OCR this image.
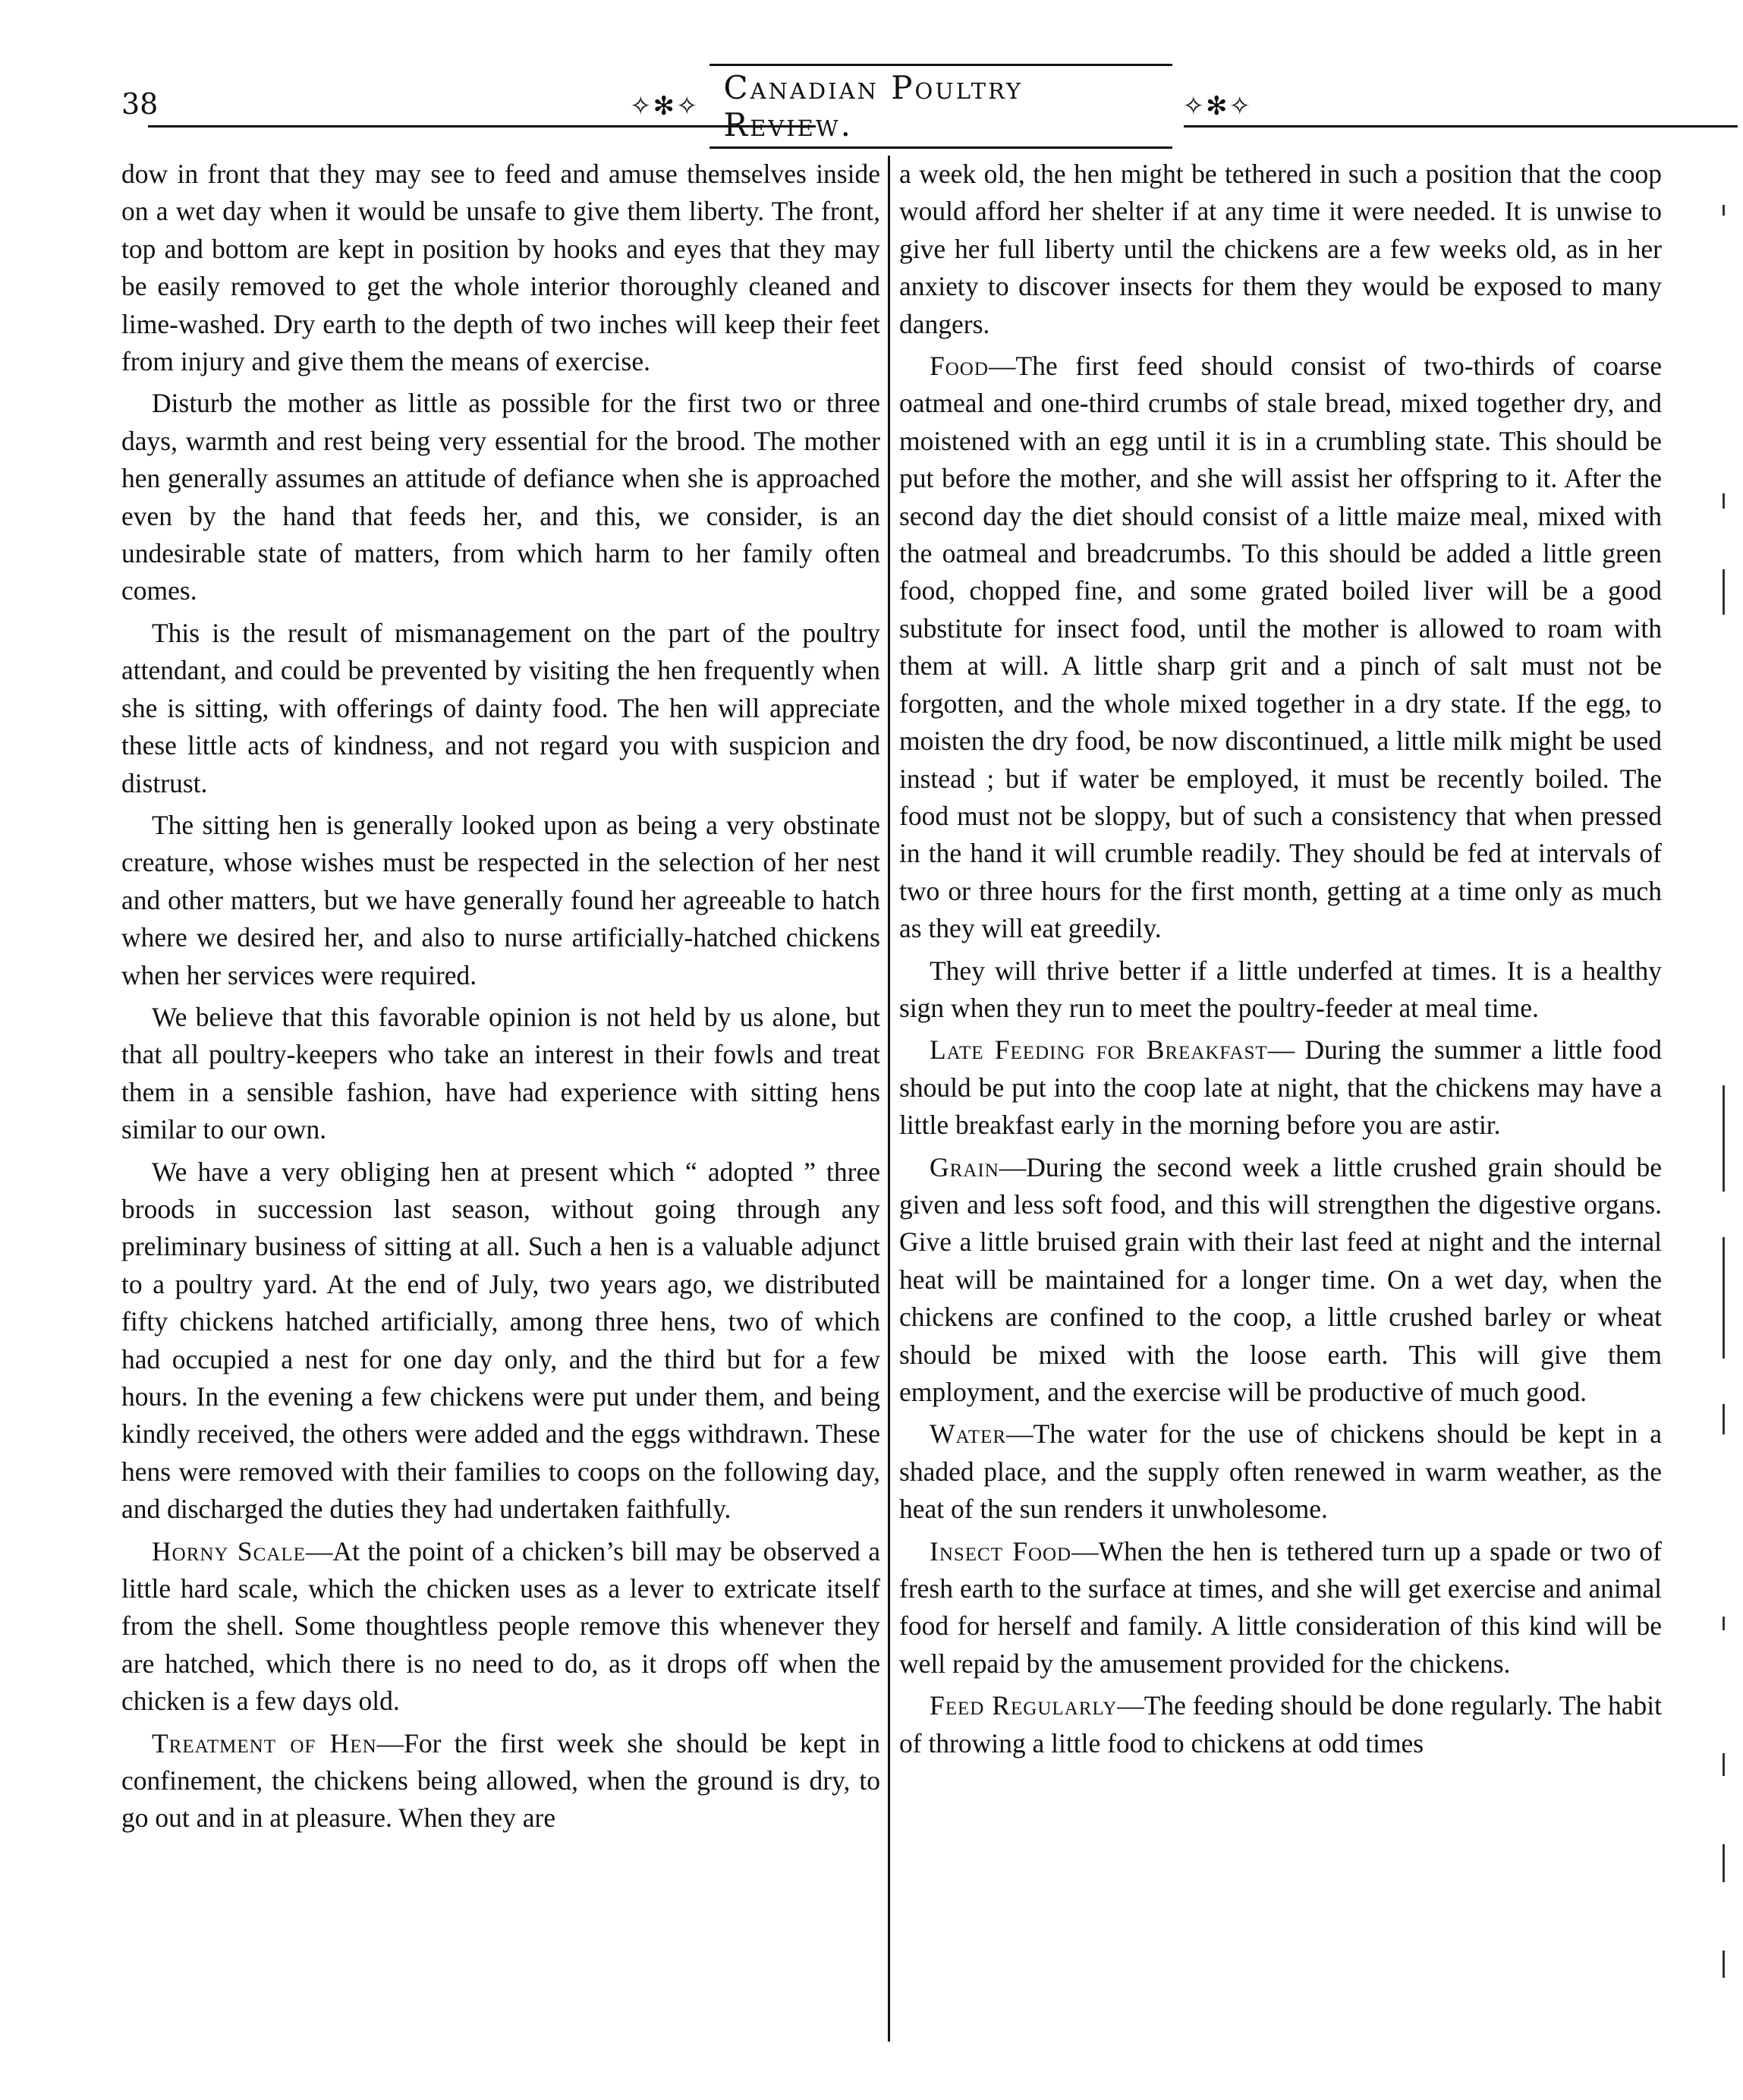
38	✧✻✧ Canadian Poultry Review.	✧✻✧

dow in front that they may see to feed and amuse themselves inside on a wet day when it would be unsafe to give them liberty. The front, top and bottom are kept in position by hooks and eyes that they may be easily removed to get the whole interior thoroughly cleaned and lime-washed. Dry earth to the depth of two inches will keep their feet from injury and give them the means of exercise.

Disturb the mother as little as possible for the first two or three days, warmth and rest being very essential for the brood. The mother hen generally assumes an attitude of defiance when she is approached even by the hand that feeds her, and this, we consider, is an undesirable state of matters, from which harm to her family often comes.

This is the result of mismanagement on the part of the poultry attendant, and could be prevented by visiting the hen frequently when she is sitting, with offerings of dainty food. The hen will appreciate these little acts of kindness, and not regard you with suspicion and distrust.

The sitting hen is generally looked upon as being a very obstinate creature, whose wishes must be respected in the selection of her nest and other matters, but we have generally found her agreeable to hatch where we desired her, and also to nurse artificially-hatched chickens when her services were required.

We believe that this favorable opinion is not held by us alone, but that all poultry-keepers who take an interest in their fowls and treat them in a sensible fashion, have had experience with sitting hens similar to our own.

We have a very obliging hen at present which “ adopted ” three broods in succession last season, without going through any preliminary business of sitting at all. Such a hen is a valuable adjunct to a poultry yard. At the end of July, two years ago, we distributed fifty chickens hatched artificially, among three hens, two of which had occupied a nest for one day only, and the third but for a few hours. In the evening a few chickens were put under them, and being kindly received, the others were added and the eggs withdrawn. These hens were removed with their families to coops on the following day, and discharged the duties they had undertaken faithfully.

Horny Scale—At the point of a chicken’s bill may be observed a little hard scale, which the chicken uses as a lever to extricate itself from the shell. Some thoughtless people remove this whenever they are hatched, which there is no need to do, as it drops off when the chicken is a few days old.

Treatment of Hen—For the first week she should be kept in confinement, the chickens being allowed, when the ground is dry, to go out and in at pleasure. When they are

a week old, the hen might be tethered in such a position that the coop would afford her shelter if at any time it were needed. It is unwise to give her full liberty until the chickens are a few weeks old, as in her anxiety to discover insects for them they would be exposed to many dangers.

Food—The first feed should consist of two-thirds of coarse oatmeal and one-third crumbs of stale bread, mixed together dry, and moistened with an egg until it is in a crumbling state. This should be put before the mother, and she will assist her offspring to it. After the second day the diet should consist of a little maize meal, mixed with the oatmeal and breadcrumbs. To this should be added a little green food, chopped fine, and some grated boiled liver will be a good substitute for insect food, until the mother is allowed to roam with them at will. A little sharp grit and a pinch of salt must not be forgotten, and the whole mixed together in a dry state. If the egg, to moisten the dry food, be now discontinued, a little milk might be used instead ; but if water be employed, it must be recently boiled. The food must not be sloppy, but of such a consistency that when pressed in the hand it will crumble readily. They should be fed at intervals of two or three hours for the first month, getting at a time only as much as they will eat greedily.

They will thrive better if a little underfed at times. It is a healthy sign when they run to meet the poultry-feeder at meal time.

Late Feeding for Breakfast— During the summer a little food should be put into the coop late at night, that the chickens may have a little breakfast early in the morning before you are astir.

Grain—During the second week a little crushed grain should be given and less soft food, and this will strengthen the digestive organs. Give a little bruised grain with their last feed at night and the internal heat will be maintained for a longer time. On a wet day, when the chickens are confined to the coop, a little crushed barley or wheat should be mixed with the loose earth. This will give them employment, and the exercise will be productive of much good.

Water—The water for the use of chickens should be kept in a shaded place, and the supply often renewed in warm weather, as the heat of the sun renders it unwholesome.

Insect Food—When the hen is tethered turn up a spade or two of fresh earth to the surface at times, and she will get exercise and animal food for herself and family. A little consideration of this kind will be well repaid by the amusement provided for the chickens.

Feed Regularly—The feeding should be done regularly. The habit of throwing a little food to chickens at odd times
